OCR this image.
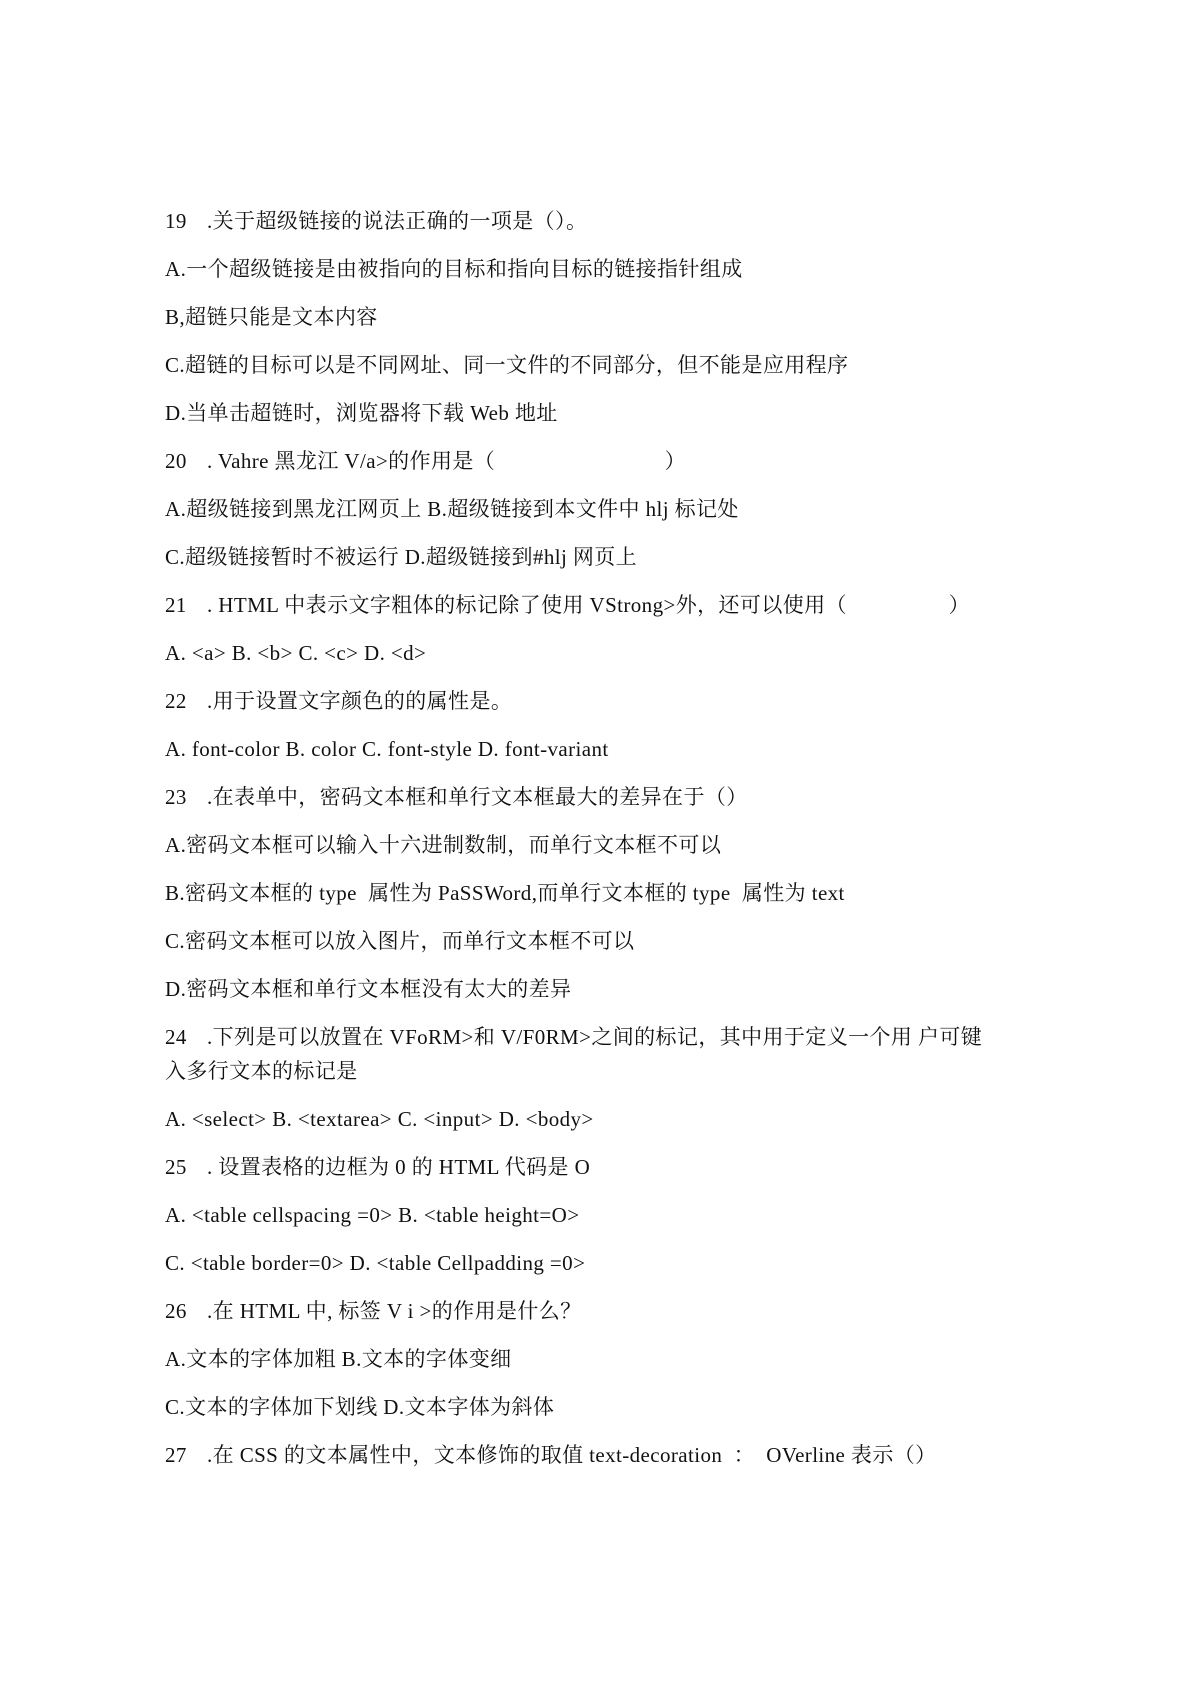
19 .关于超级链接的说法正确的一项是（）。
A.一个超级链接是由被指向的目标和指向目标的链接指针组成
B,超链只能是文本内容
C.超链的目标可以是不同网址、同一文件的不同部分，但不能是应用程序
D.当单击超链时，浏览器将下载 Web 地址
20 . Vahre 黑龙江 V/a>的作用是（                              ）
A.超级链接到黑龙江网页上 B.超级链接到本文件中 hlj 标记处
C.超级链接暂时不被运行 D.超级链接到#hlj 网页上
21 . HTML 中表示文字粗体的标记除了使用 VStrong>外，还可以使用（                  ）
A. <a> B. <b> C. <c> D. <d>
22 .用于设置文字颜色的的属性是。
A. font-color B. color C. font-style D. font-variant
23 .在表单中，密码文本框和单行文本框最大的差异在于（）
A.密码文本框可以输入十六进制数制，而单行文本框不可以
B.密码文本框的 type  属性为 PaSSWord,而单行文本框的 type  属性为 text
C.密码文本框可以放入图片，而单行文本框不可以
D.密码文本框和单行文本框没有太大的差异
24 .下列是可以放置在 VFoRM>和 V/F0RM>之间的标记，其中用于定义一个用 户可键
入多行文本的标记是
A. <select> B. <textarea> C. <input> D. <body>
25 . 设置表格的边框为 0 的 HTML 代码是 O
A. <table cellspacing =0> B. <table height=O>
C. <table border=0> D. <table Cellpadding =0>
26 .在 HTML 中, 标签 V i >的作用是什么？
A.文本的字体加粗 B.文本的字体变细
C.文本的字体加下划线 D.文本字体为斜体
27 .在 CSS 的文本属性中，文本修饰的取值 text-decoration  ：  OVerline 表示（）
